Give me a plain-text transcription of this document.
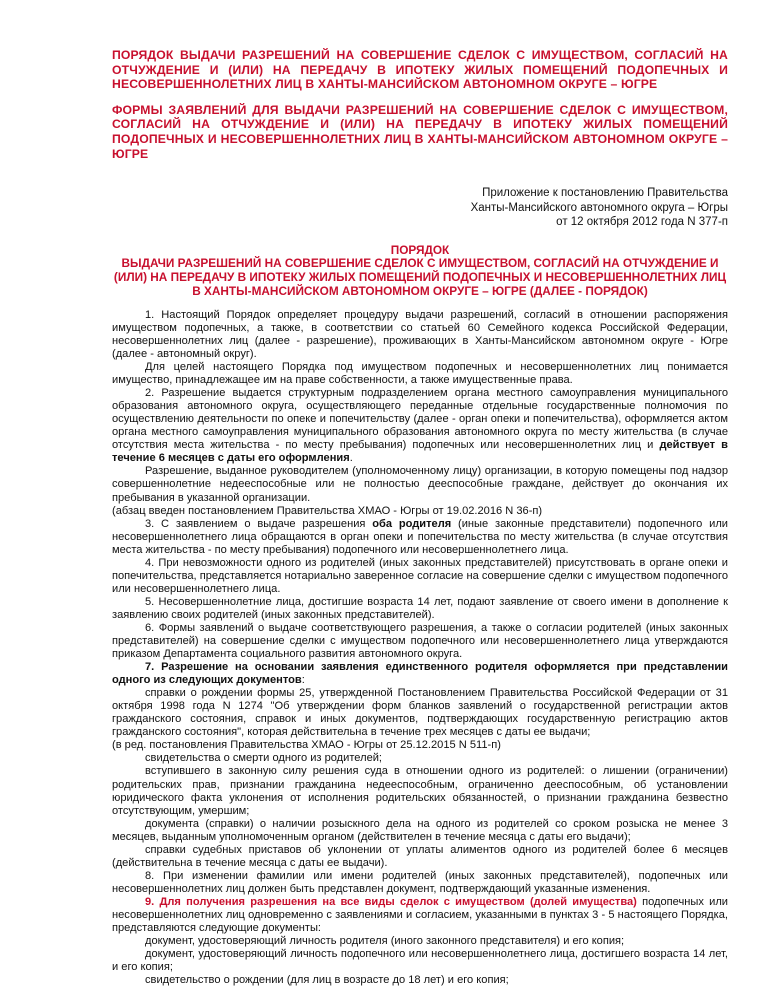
ПОРЯДОК ВЫДАЧИ РАЗРЕШЕНИЙ НА СОВЕРШЕНИЕ СДЕЛОК С ИМУЩЕСТВОМ, СОГЛАСИЙ НА ОТЧУЖДЕНИЕ И (ИЛИ) НА ПЕРЕДАЧУ В ИПОТЕКУ ЖИЛЫХ ПОМЕЩЕНИЙ ПОДОПЕЧНЫХ И НЕСОВЕРШЕННОЛЕТНИХ ЛИЦ В ХАНТЫ-МАНСИЙСКОМ АВТОНОМНОМ ОКРУГЕ – ЮГРЕ

ФОРМЫ ЗАЯВЛЕНИЙ ДЛЯ ВЫДАЧИ РАЗРЕШЕНИЙ НА СОВЕРШЕНИЕ СДЕЛОК С ИМУЩЕСТВОМ, СОГЛАСИЙ НА ОТЧУЖДЕНИЕ И (ИЛИ) НА ПЕРЕДАЧУ В ИПОТЕКУ ЖИЛЫХ ПОМЕЩЕНИЙ ПОДОПЕЧНЫХ И НЕСОВЕРШЕННОЛЕТНИХ ЛИЦ В ХАНТЫ-МАНСИЙСКОМ АВТОНОМНОМ ОКРУГЕ – ЮГРЕ

Приложение к постановлению Правительства
Ханты-Мансийского автономного округа – Югры
от 12 октября 2012 года N 377-п
ПОРЯДОК
ВЫДАЧИ РАЗРЕШЕНИЙ НА СОВЕРШЕНИЕ СДЕЛОК С ИМУЩЕСТВОМ, СОГЛАСИЙ НА ОТЧУЖДЕНИЕ И
(ИЛИ) НА ПЕРЕДАЧУ В ИПОТЕКУ ЖИЛЫХ ПОМЕЩЕНИЙ ПОДОПЕЧНЫХ И НЕСОВЕРШЕННОЛЕТНИХ ЛИЦ
В ХАНТЫ-МАНСИЙСКОМ АВТОНОМНОМ ОКРУГЕ – ЮГРЕ (ДАЛЕЕ - ПОРЯДОК)

1. Настоящий Порядок определяет процедуру выдачи разрешений, согласий в отношении распоряжения имуществом подопечных, а также, в соответствии со статьей 60 Семейного кодекса Российской Федерации, несовершеннолетних лиц (далее - разрешение), проживающих в Ханты-Мансийском автономном округе - Югре (далее - автономный округ).

Для целей настоящего Порядка под имуществом подопечных и несовершеннолетних лиц понимается имущество, принадлежащее им на праве собственности, а также имущественные права.

2. Разрешение выдается структурным подразделением органа местного самоуправления муниципального образования автономного округа, осуществляющего переданные отдельные государственные полномочия по осуществлению деятельности по опеке и попечительству (далее - орган опеки и попечительства), оформляется актом органа местного самоуправления муниципального образования автономного округа по месту жительства (в случае отсутствия места жительства - по месту пребывания) подопечных или несовершеннолетних лиц и действует в течение 6 месяцев с даты его оформления.

Разрешение, выданное руководителем (уполномоченному лицу) организации, в которую помещены под надзор совершеннолетние недееспособные или не полностью дееспособные граждане, действует до окончания их пребывания в указанной организации.

(абзац введен постановлением Правительства ХМАО - Югры от 19.02.2016 N 36-п)

3. С заявлением о выдаче разрешения оба родителя (иные законные представители) подопечного или несовершеннолетнего лица обращаются в орган опеки и попечительства по месту жительства (в случае отсутствия места жительства - по месту пребывания) подопечного или несовершеннолетнего лица.

4. При невозможности одного из родителей (иных законных представителей) присутствовать в органе опеки и попечительства, представляется нотариально заверенное согласие на совершение сделки с имуществом подопечного или несовершеннолетнего лица.

5. Несовершеннолетние лица, достигшие возраста 14 лет, подают заявление от своего имени в дополнение к заявлению своих родителей (иных законных представителей).

6. Формы заявлений о выдаче соответствующего разрешения, а также о согласии родителей (иных законных представителей) на совершение сделки с имуществом подопечного или несовершеннолетнего лица утверждаются приказом Департамента социального развития автономного округа.

7. Разрешение на основании заявления единственного родителя оформляется при представлении одного из следующих документов:

справки о рождении формы 25, утвержденной Постановлением Правительства Российской Федерации от 31 октября 1998 года N 1274 "Об утверждении форм бланков заявлений о государственной регистрации актов гражданского состояния, справок и иных документов, подтверждающих государственную регистрацию актов гражданского состояния", которая действительна в течение трех месяцев с даты ее выдачи;

(в ред. постановления Правительства ХМАО - Югры от 25.12.2015 N 511-п)

свидетельства о смерти одного из родителей;

вступившего в законную силу решения суда в отношении одного из родителей: о лишении (ограничении) родительских прав, признании гражданина недееспособным, ограниченно дееспособным, об установлении юридического факта уклонения от исполнения родительских обязанностей, о признании гражданина безвестно отсутствующим, умершим;

документа (справки) о наличии розыскного дела на одного из родителей со сроком розыска не менее 3 месяцев, выданным уполномоченным органом (действителен в течение месяца с даты его выдачи);

справки судебных приставов об уклонении от уплаты алиментов одного из родителей более 6 месяцев (действительна в течение месяца с даты ее выдачи).

8. При изменении фамилии или имени родителей (иных законных представителей), подопечных или несовершеннолетних лиц должен быть представлен документ, подтверждающий указанные изменения.

9. Для получения разрешения на все виды сделок с имуществом (долей имущества) подопечных или несовершеннолетних лиц одновременно с заявлениями и согласием, указанными в пунктах 3 - 5 настоящего Порядка, представляются следующие документы:

документ, удостоверяющий личность родителя (иного законного представителя) и его копия;

документ, удостоверяющий личность подопечного или несовершеннолетнего лица, достигшего возраста 14 лет, и его копия;

свидетельство о рождении (для лиц в возрасте до 18 лет) и его копия;
